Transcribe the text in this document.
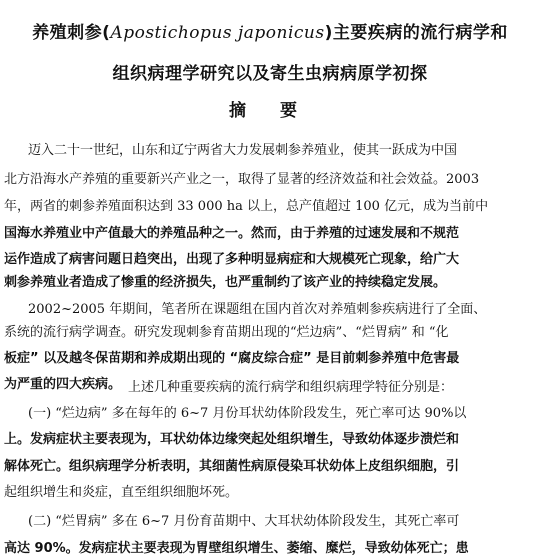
养殖刺参(Apostichopus japonicus)主要疾病的流行病学和
组织病理学研究以及寄生虫病病原学初探
摘 要
迈入二十一世纪，山东和辽宁两省大力发展刺参养殖业，使其一跃成为中国
北方沿海水产养殖的重要新兴产业之一，取得了显著的经济效益和社会效益。2003
年，两省的刺参养殖面积达到 33 000 ha 以上，总产值超过 100 亿元，成为当前中
国海水养殖业中产值最大的养殖品种之一。然而，由于养殖的过速发展和不规范
运作造成了病害问题日趋突出，出现了多种明显病症和大规模死亡现象，给广大
刺参养殖业者造成了惨重的经济损失，也严重制约了该产业的持续稳定发展。
2002~2005 年期间，笔者所在课题组在国内首次对养殖刺参疾病进行了全面、
系统的流行病学调查。研究发现刺参育苗期出现的“烂边病”、“烂胃病” 和 “化
板症” 以及越冬保苗期和养成期出现的 “腐皮综合症” 是目前刺参养殖中危害最
为严重的四大疾病。 上述几种重要疾病的流行病学和组织病理学特征分别是：
(一) “烂边病” 多在每年的 6~7 月份耳状幼体阶段发生，死亡率可达 90%以
上。发病症状主要表现为，耳状幼体边缘突起处组织增生，导致幼体逐步溃烂和
解体死亡。组织病理学分析表明，其细菌性病原侵染耳状幼体上皮组织细胞，引
起组织增生和炎症，直至组织细胞坏死。
(二) “烂胃病” 多在 6~7 月份育苗期中、大耳状幼体阶段发生，其死亡率可
高达 90%。发病症状主要表现为胃壁组织增生、萎缩、糜烂，导致幼体死亡；患
